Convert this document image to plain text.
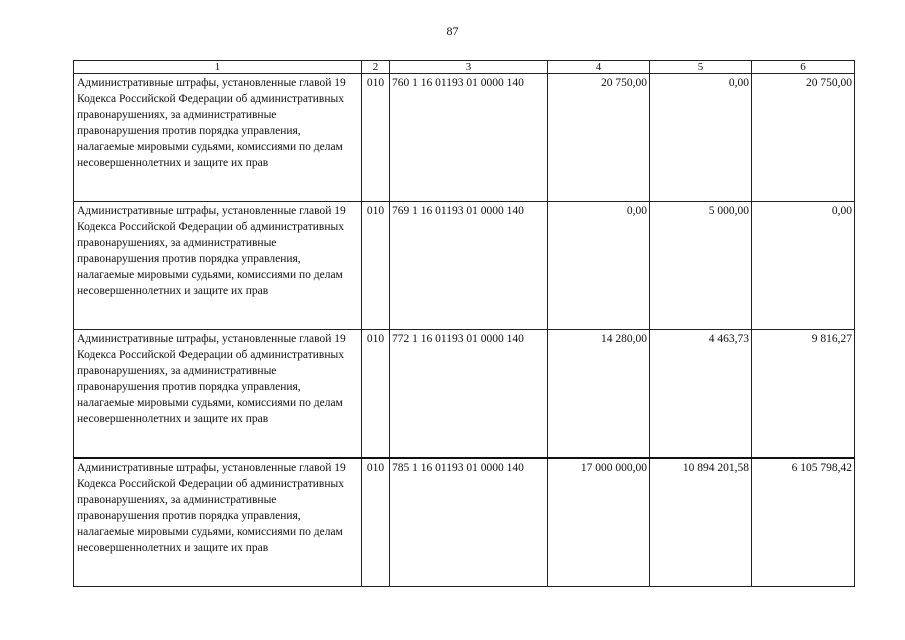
87
1	2	3	4	5	6
Административные штрафы, установленные главой 19 Кодекса Российской Федерации об административных правонарушениях, за административные правонарушения против порядка управления, налагаемые мировыми судьями, комиссиями по делам несовершеннолетних и защите их прав	010	760 1 16 01193 01 0000 140	20 750,00	0,00	20 750,00
Административные штрафы, установленные главой 19 Кодекса Российской Федерации об административных правонарушениях, за административные правонарушения против порядка управления, налагаемые мировыми судьями, комиссиями по делам несовершеннолетних и защите их прав	010	769 1 16 01193 01 0000 140	0,00	5 000,00	0,00
Административные штрафы, установленные главой 19 Кодекса Российской Федерации об административных правонарушениях, за административные правонарушения против порядка управления, налагаемые мировыми судьями, комиссиями по делам несовершеннолетних и защите их прав	010	772 1 16 01193 01 0000 140	14 280,00	4 463,73	9 816,27
Административные штрафы, установленные главой 19 Кодекса Российской Федерации об административных правонарушениях, за административные правонарушения против порядка управления, налагаемые мировыми судьями, комиссиями по делам несовершеннолетних и защите их прав	010	785 1 16 01193 01 0000 140	17 000 000,00	10 894 201,58	6 105 798,42
